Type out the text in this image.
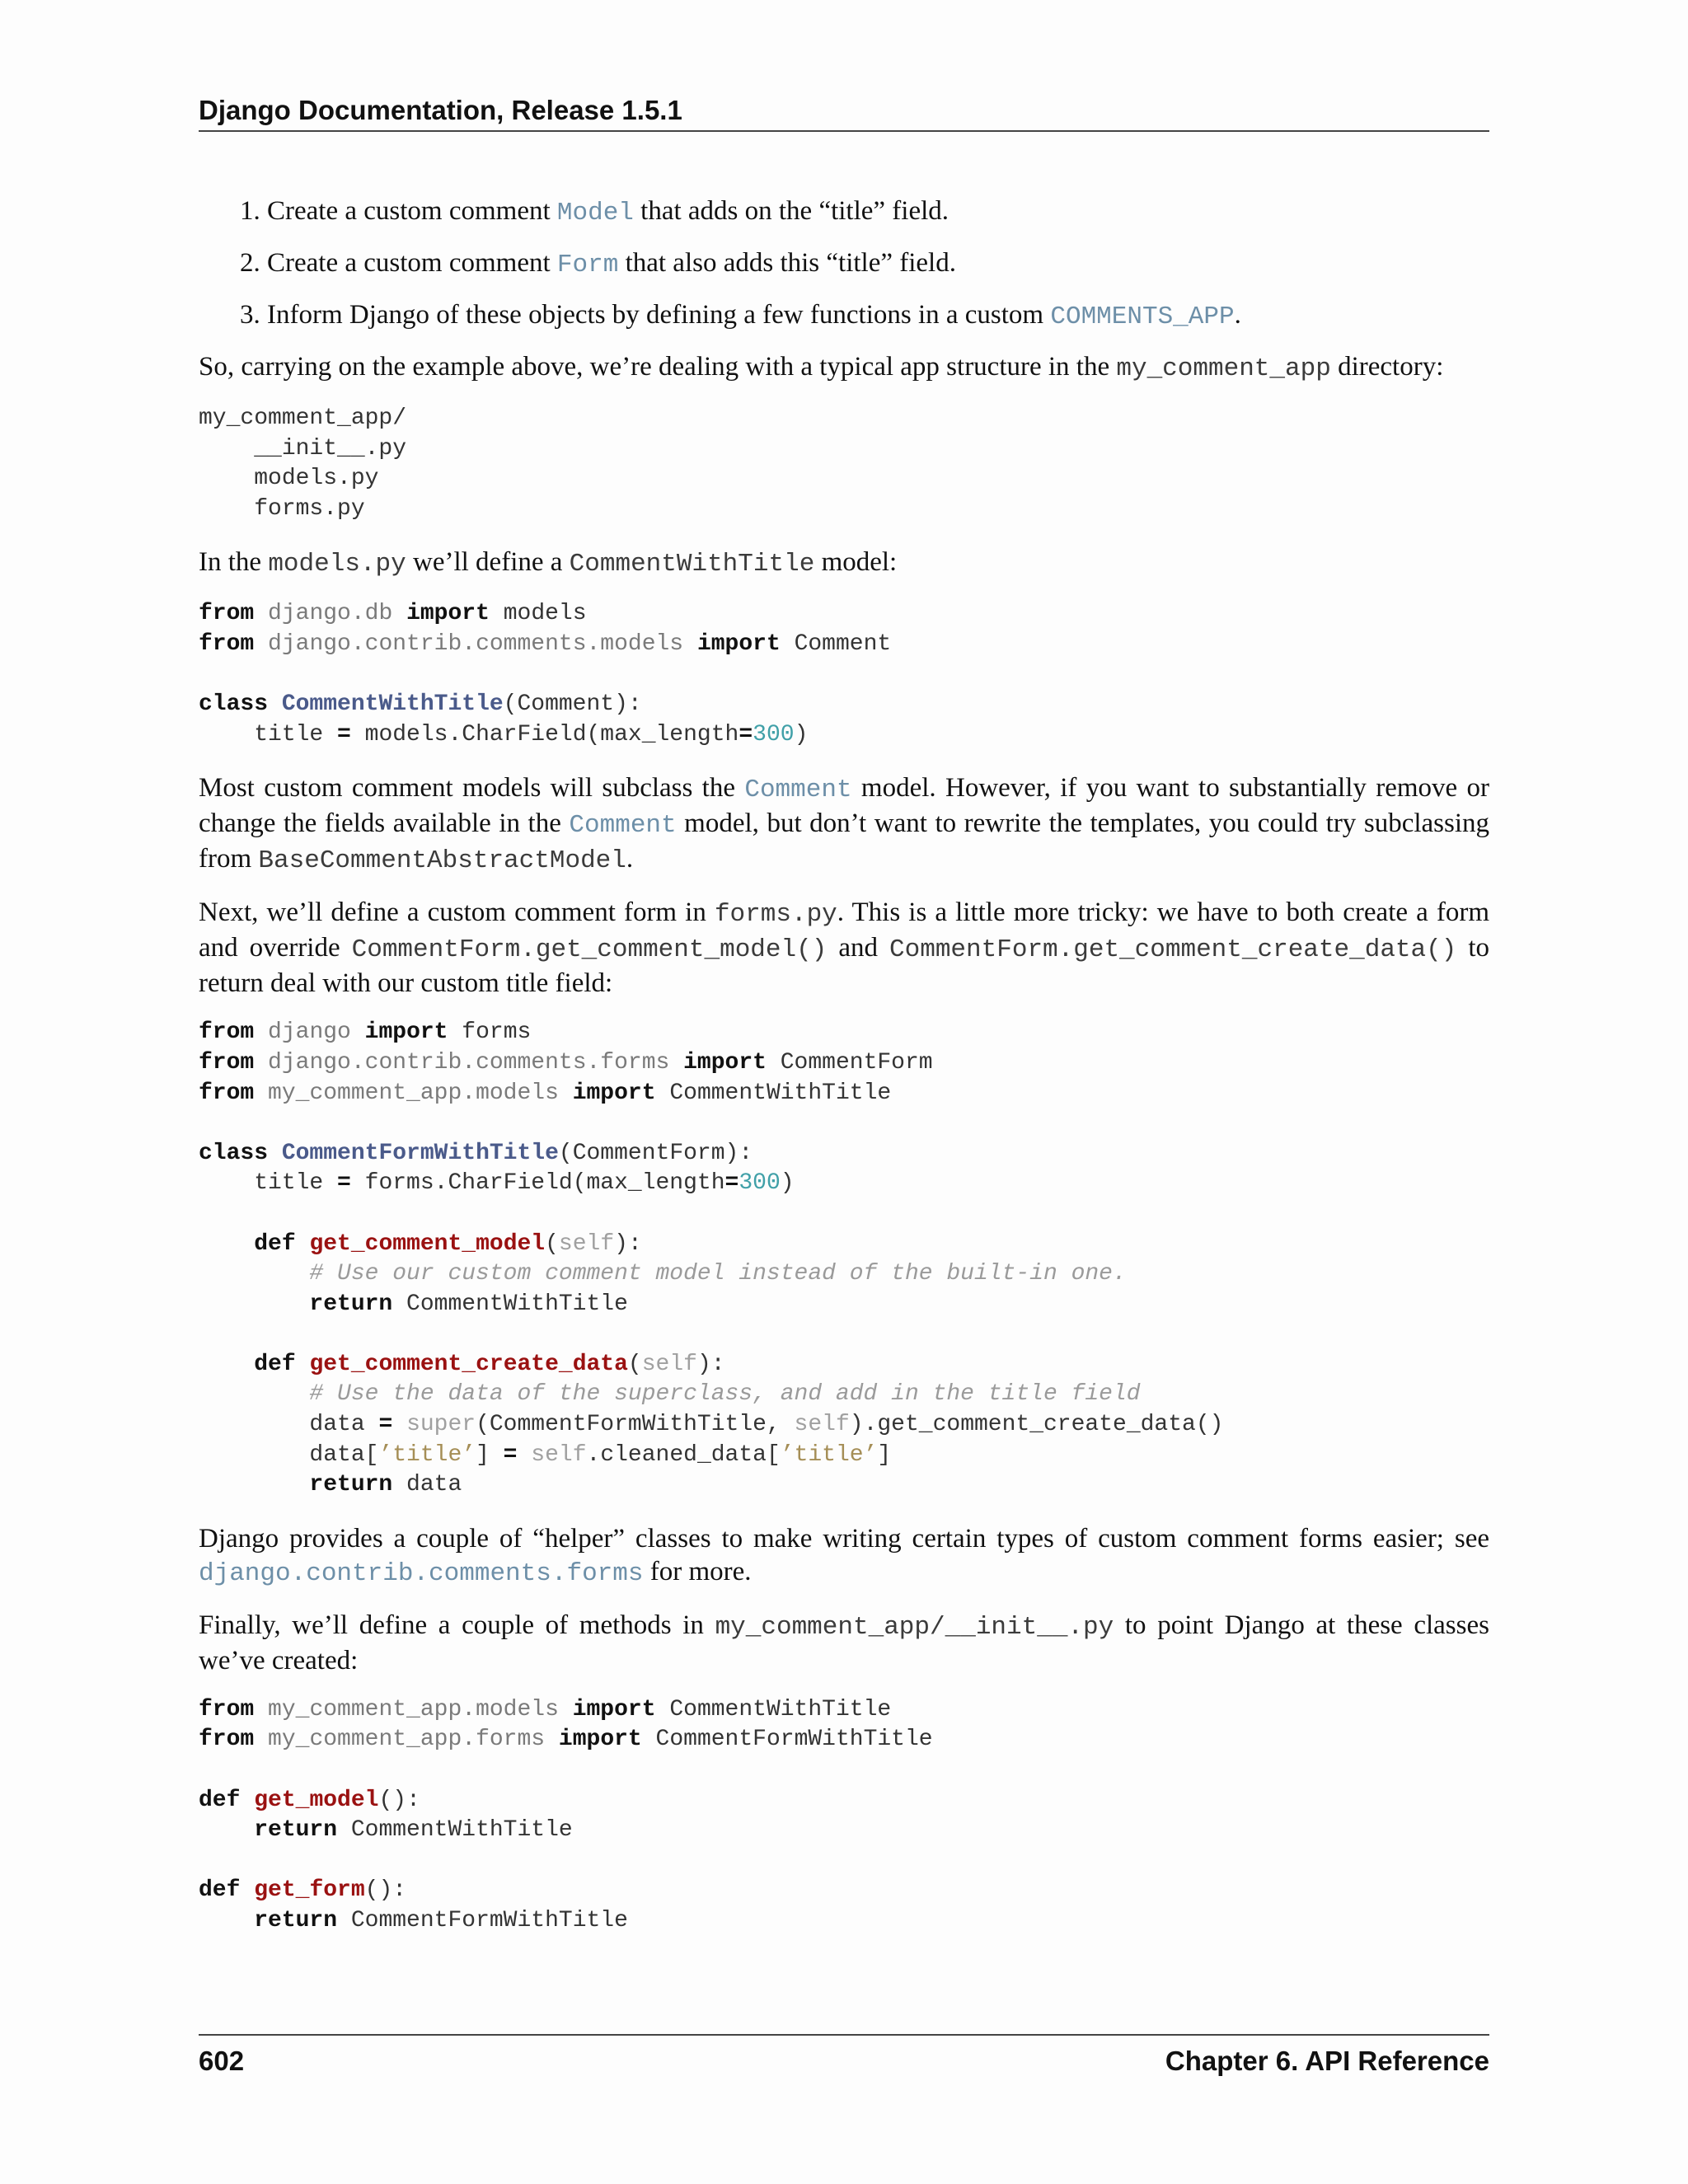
Django Documentation, Release 1.5.1
1. Create a custom comment Model that adds on the “title” field.
2. Create a custom comment Form that also adds this “title” field.
3. Inform Django of these objects by defining a few functions in a custom COMMENTS_APP.

So, carrying on the example above, we’re dealing with a typical app structure in the my_comment_app directory:

my_comment_app/
__init__.py
models.py
forms.py

In the models.py we’ll define a CommentWithTitle model:

from django.db import models
from django.contrib.comments.models import Comment

class CommentWithTitle(Comment):
title = models.CharField(max_length=300)

Most custom comment models will subclass the Comment model. However, if you want to substantially remove or change the fields available in the Comment model, but don’t want to rewrite the templates, you could try subclassing from BaseCommentAbstractModel.

Next, we’ll define a custom comment form in forms.py. This is a little more tricky: we have to both create a form and override CommentForm.get_comment_model() and CommentForm.get_comment_create_data() to return deal with our custom title field:

from django import forms
from django.contrib.comments.forms import CommentForm
from my_comment_app.models import CommentWithTitle

class CommentFormWithTitle(CommentForm):
title = forms.CharField(max_length=300)

def get_comment_model(self):
# Use our custom comment model instead of the built-in one.
return CommentWithTitle

def get_comment_create_data(self):
# Use the data of the superclass, and add in the title field
data = super(CommentFormWithTitle, self).get_comment_create_data()
data[’title’] = self.cleaned_data[’title’]
return data

Django provides a couple of “helper” classes to make writing certain types of custom comment forms easier; see django.contrib.comments.forms for more.

Finally, we’ll define a couple of methods in my_comment_app/__init__.py to point Django at these classes we’ve created:

from my_comment_app.models import CommentWithTitle
from my_comment_app.forms import CommentFormWithTitle

def get_model():
return CommentWithTitle

def get_form():
return CommentFormWithTitle
602	Chapter 6. API Reference
